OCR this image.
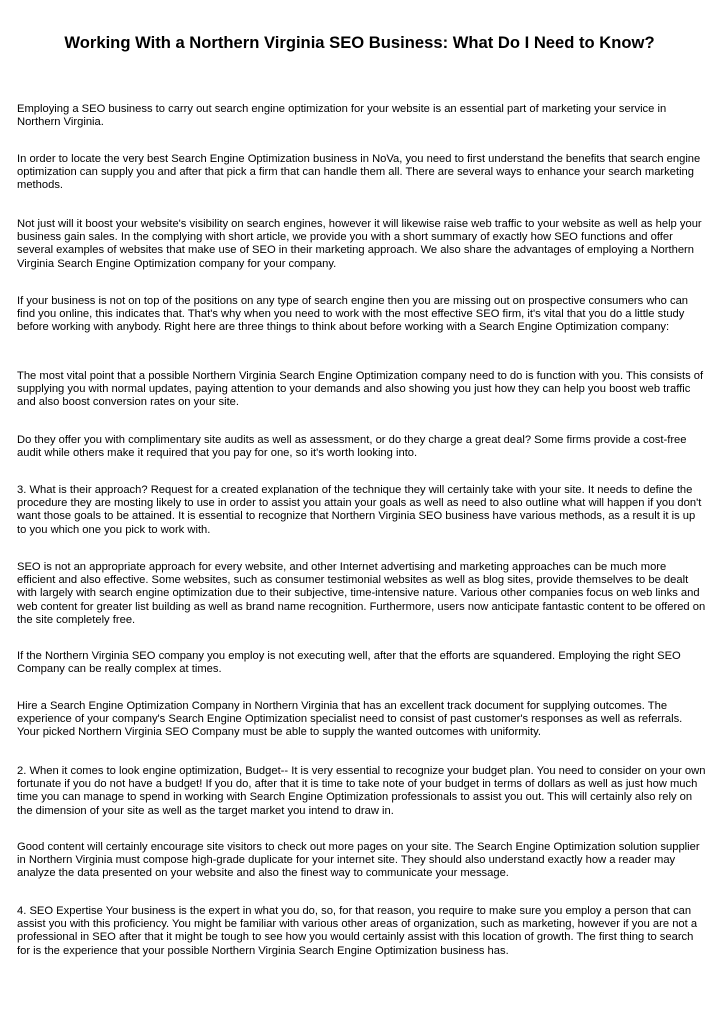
Working With a Northern Virginia SEO Business: What Do I Need to Know?

Employing a SEO business to carry out search engine optimization for your website is an essential part of marketing your service in Northern Virginia.

In order to locate the very best Search Engine Optimization business in NoVa, you need to first understand the benefits that search engine optimization can supply you and after that pick a firm that can handle them all. There are several ways to enhance your search marketing methods.

Not just will it boost your website's visibility on search engines, however it will likewise raise web traffic to your website as well as help your business gain sales. In the complying with short article, we provide you with a short summary of exactly how SEO functions and offer several examples of websites that make use of SEO in their marketing approach. We also share the advantages of employing a Northern Virginia Search Engine Optimization company for your company.

If your business is not on top of the positions on any type of search engine then you are missing out on prospective consumers who can find you online, this indicates that. That's why when you need to work with the most effective SEO firm, it's vital that you do a little study before working with anybody. Right here are three things to think about before working with a Search Engine Optimization company:

The most vital point that a possible Northern Virginia Search Engine Optimization company need to do is function with you. This consists of supplying you with normal updates, paying attention to your demands and also showing you just how they can help you boost web traffic and also boost conversion rates on your site.

Do they offer you with complimentary site audits as well as assessment, or do they charge a great deal? Some firms provide a cost-free audit while others make it required that you pay for one, so it's worth looking into.

3. What is their approach? Request for a created explanation of the technique they will certainly take with your site. It needs to define the procedure they are mosting likely to use in order to assist you attain your goals as well as need to also outline what will happen if you don't want those goals to be attained. It is essential to recognize that Northern Virginia SEO business have various methods, as a result it is up to you which one you pick to work with.

SEO is not an appropriate approach for every website, and other Internet advertising and marketing approaches can be much more efficient and also effective. Some websites, such as consumer testimonial websites as well as blog sites, provide themselves to be dealt with largely with search engine optimization due to their subjective, time-intensive nature. Various other companies focus on web links and web content for greater list building as well as brand name recognition. Furthermore, users now anticipate fantastic content to be offered on the site completely free.

If the Northern Virginia SEO company you employ is not executing well, after that the efforts are squandered. Employing the right SEO Company can be really complex at times.

Hire a Search Engine Optimization Company in Northern Virginia that has an excellent track document for supplying outcomes. The experience of your company's Search Engine Optimization specialist need to consist of past customer's responses as well as referrals. Your picked Northern Virginia SEO Company must be able to supply the wanted outcomes with uniformity.

2. When it comes to look engine optimization, Budget-- It is very essential to recognize your budget plan. You need to consider on your own fortunate if you do not have a budget! If you do, after that it is time to take note of your budget in terms of dollars as well as just how much time you can manage to spend in working with Search Engine Optimization professionals to assist you out. This will certainly also rely on the dimension of your site as well as the target market you intend to draw in.

Good content will certainly encourage site visitors to check out more pages on your site. The Search Engine Optimization solution supplier in Northern Virginia must compose high-grade duplicate for your internet site. They should also understand exactly how a reader may analyze the data presented on your website and also the finest way to communicate your message.

4. SEO Expertise Your business is the expert in what you do, so, for that reason, you require to make sure you employ a person that can assist you with this proficiency. You might be familiar with various other areas of organization, such as marketing, however if you are not a professional in SEO after that it might be tough to see how you would certainly assist with this location of growth. The first thing to search for is the experience that your possible Northern Virginia Search Engine Optimization business has.
